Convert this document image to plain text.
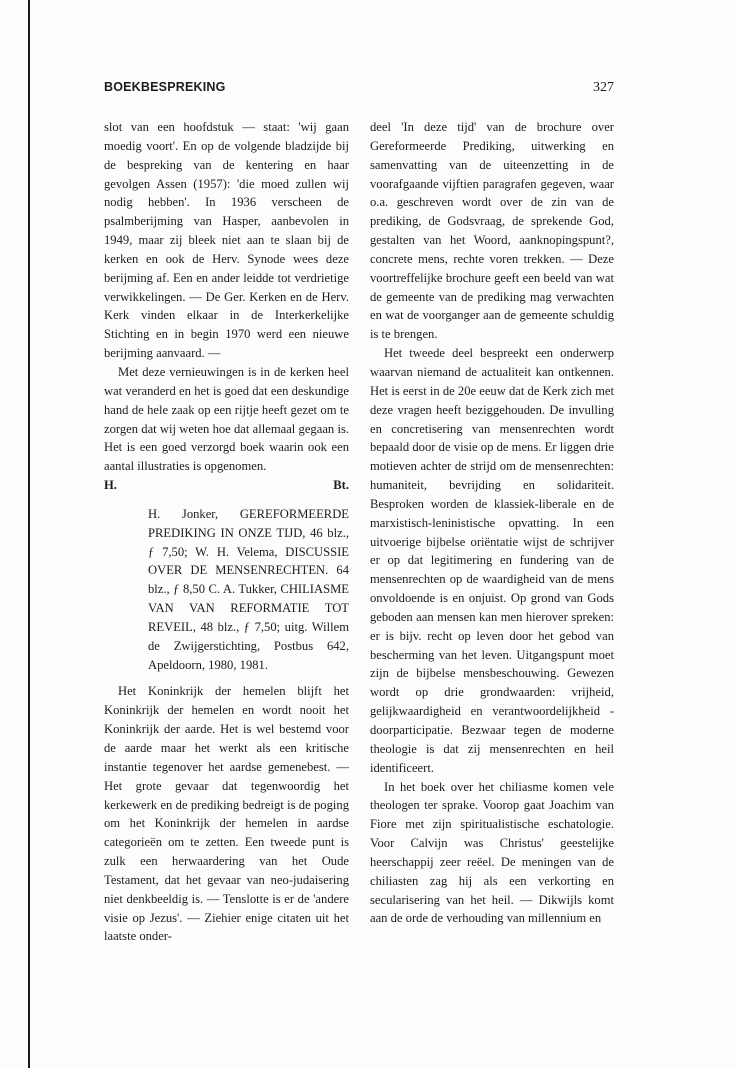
BOEKBESPREKING	327

slot van een hoofdstuk — staat: 'wij gaan moedig voort'. En op de volgende bladzijde bij de bespreking van de kentering en haar gevolgen Assen (1957): 'die moed zullen wij nodig hebben'. In 1936 verscheen de psalmberijming van Hasper, aanbevolen in 1949, maar zij bleek niet aan te slaan bij de kerken en ook de Herv. Synode wees deze berijming af. Een en ander leidde tot verdrietige verwikkelingen. — De Ger. Kerken en de Herv. Kerk vinden elkaar in de Interkerkelijke Stichting en in begin 1970 werd een nieuwe berijming aanvaard. —

Met deze vernieuwingen is in de kerken heel wat veranderd en het is goed dat een deskundige hand de hele zaak op een rijtje heeft gezet om te zorgen dat wij weten hoe dat allemaal gegaan is. Het is een goed verzorgd boek waarin ook een aantal illustraties is opgenomen.

H.	Bt.
H. Jonker, GEREFORMEERDE PREDIKING IN ONZE TIJD, 46 blz., ƒ 7,50; W. H. Velema, DISCUSSIE OVER DE MENSENRECHTEN. 64 blz., ƒ 8,50 C. A. Tukker, CHILIASME VAN VAN REFORMATIE TOT REVEIL, 48 blz., ƒ 7,50; uitg. Willem de Zwijgerstichting, Postbus 642, Apeldoorn, 1980, 1981.

Het Koninkrijk der hemelen blijft het Koninkrijk der hemelen en wordt nooit het Koninkrijk der aarde. Het is wel bestemd voor de aarde maar het werkt als een kritische instantie tegenover het aardse gemenebest. — Het grote gevaar dat tegenwoordig het kerkewerk en de prediking bedreigt is de poging om het Koninkrijk der hemelen in aardse categorieën om te zetten. Een tweede punt is zulk een herwaardering van het Oude Testament, dat het gevaar van neo-judaisering niet denkbeeldig is. — Tenslotte is er de 'andere visie op Jezus'. — Ziehier enige citaten uit het laatste onder-

deel 'In deze tijd' van de brochure over Gereformeerde Prediking, uitwerking en samenvatting van de uiteenzetting in de voorafgaande vijftien paragrafen gegeven, waar o.a. geschreven wordt over de zin van de prediking, de Godsvraag, de sprekende God, gestalten van het Woord, aanknopingspunt?, concrete mens, rechte voren trekken. — Deze voortreffelijke brochure geeft een beeld van wat de gemeente van de prediking mag verwachten en wat de voorganger aan de gemeente schuldig is te brengen.

Het tweede deel bespreekt een onderwerp waarvan niemand de actualiteit kan ontkennen. Het is eerst in de 20e eeuw dat de Kerk zich met deze vragen heeft beziggehouden. De invulling en concretisering van mensenrechten wordt bepaald door de visie op de mens. Er liggen drie motieven achter de strijd om de mensenrechten: humaniteit, bevrijding en solidariteit. Besproken worden de klassiek-liberale en de marxistisch-leninistische opvatting. In een uitvoerige bijbelse oriëntatie wijst de schrijver er op dat legitimering en fundering van de mensenrechten op de waardigheid van de mens onvoldoende is en onjuist. Op grond van Gods geboden aan mensen kan men hierover spreken: er is bijv. recht op leven door het gebod van bescherming van het leven. Uitgangspunt moet zijn de bijbelse mensbeschouwing. Gewezen wordt op drie grondwaarden: vrijheid, gelijkwaardigheid en verantwoordelijkheid -doorparticipatie. Bezwaar tegen de moderne theologie is dat zij mensenrechten en heil identificeert.

In het boek over het chiliasme komen vele theologen ter sprake. Voorop gaat Joachim van Fiore met zijn spiritualistische eschatologie. Voor Calvijn was Christus' geestelijke heerschappij zeer reëel. De meningen van de chiliasten zag hij als een verkorting en secularisering van het heil. — Dikwijls komt aan de orde de verhouding van millennium en
